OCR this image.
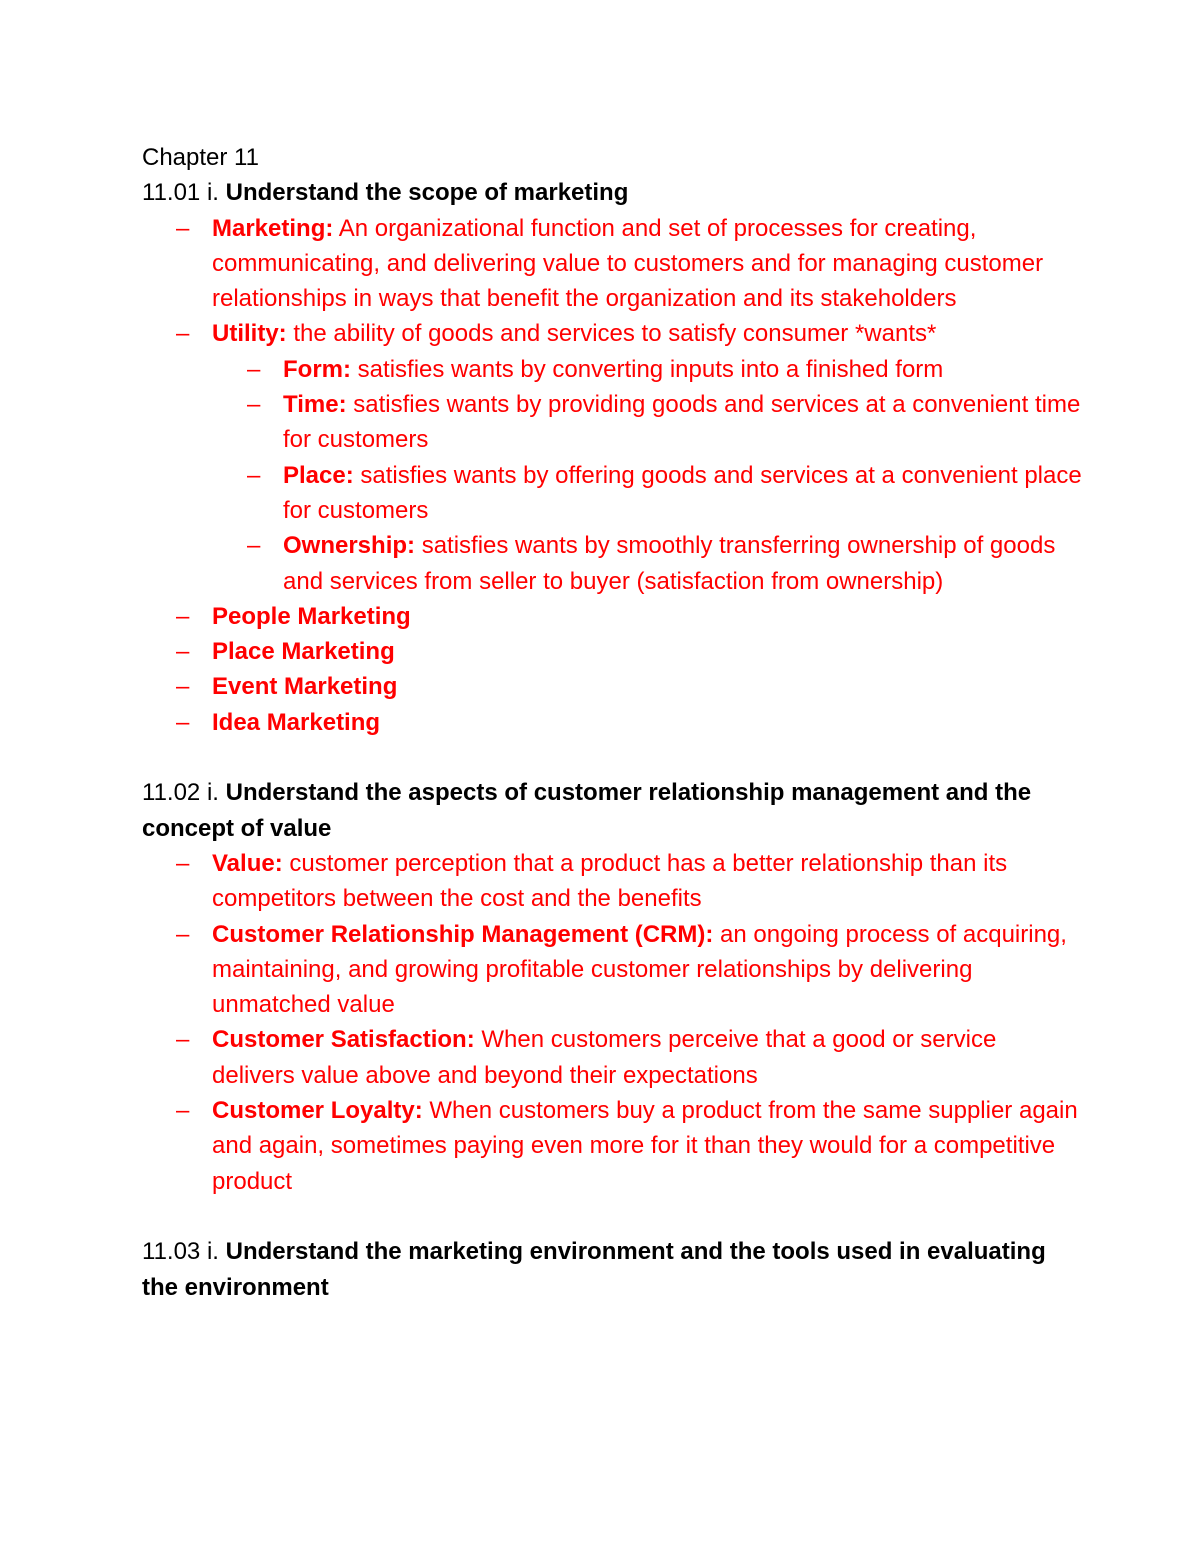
Chapter 11

11.01 i. Understand the scope of marketing

– Marketing: An organizational function and set of processes for creating, communicating, and delivering value to customers and for managing customer relationships in ways that benefit the organization and its stakeholders
– Utility: the ability of goods and services to satisfy consumer *wants*
– Form: satisfies wants by converting inputs into a finished form
– Time: satisfies wants by providing goods and services at a convenient time for customers
– Place: satisfies wants by offering goods and services at a convenient place for customers
– Ownership: satisfies wants by smoothly transferring ownership of goods and services from seller to buyer (satisfaction from ownership)
– People Marketing
– Place Marketing
– Event Marketing
– Idea Marketing

11.02 i. Understand the aspects of customer relationship management and the concept of value

– Value: customer perception that a product has a better relationship than its competitors between the cost and the benefits
– Customer Relationship Management (CRM): an ongoing process of acquiring, maintaining, and growing profitable customer relationships by delivering unmatched value
– Customer Satisfaction: When customers perceive that a good or service delivers value above and beyond their expectations
– Customer Loyalty: When customers buy a product from the same supplier again and again, sometimes paying even more for it than they would for a competitive product

11.03 i. Understand the marketing environment and the tools used in evaluating the environment
